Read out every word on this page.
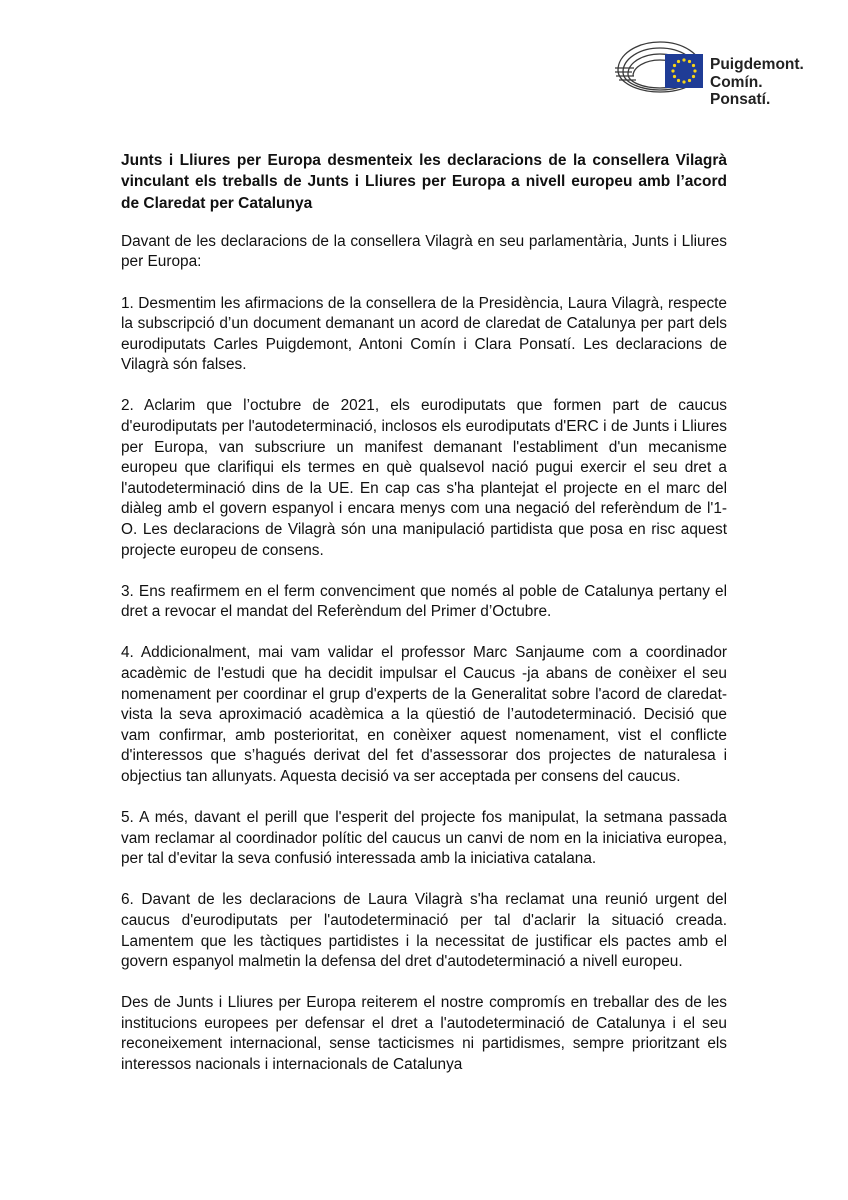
Puigdemont.
Comín.
Ponsatí.
Junts i Lliures per Europa desmenteix les declaracions de la consellera Vilagrà vinculant els treballs de Junts i Lliures per Europa a nivell europeu amb l’acord de Claredat per Catalunya

Davant de les declaracions de la consellera Vilagrà en seu parlamentària, Junts i Lliures per Europa:

1. Desmentim les afirmacions de la consellera de la Presidència, Laura Vilagrà, respecte la subscripció d’un document demanant un acord de claredat de Catalunya per part dels eurodiputats Carles Puigdemont, Antoni Comín i Clara Ponsatí. Les declaracions de Vilagrà són falses.

2. Aclarim que l’octubre de 2021, els eurodiputats que formen part de caucus d'eurodiputats per l'autodeterminació, inclosos els eurodiputats d'ERC i de Junts i Lliures per Europa, van subscriure un manifest demanant l'establiment d'un mecanisme europeu que clarifiqui els termes en què qualsevol nació pugui exercir el seu dret a l'autodeterminació dins de la UE. En cap cas s'ha plantejat el projecte en el marc del diàleg amb el govern espanyol i encara menys com una negació del referèndum de l'1-O. Les declaracions de Vilagrà són una manipulació partidista que posa en risc aquest projecte europeu de consens.

3. Ens reafirmem en el ferm convenciment que només al poble de Catalunya pertany el dret a revocar el mandat del Referèndum del Primer d’Octubre.

4. Addicionalment, mai vam validar el professor Marc Sanjaume com a coordinador acadèmic de l'estudi que ha decidit impulsar el Caucus -ja abans de conèixer el seu nomenament per coordinar el grup d'experts de la Generalitat sobre l'acord de claredat- vista la seva aproximació acadèmica a la qüestió de l’autodeterminació. Decisió que vam confirmar, amb posterioritat, en conèixer aquest nomenament, vist el conflicte d'interessos que s’hagués derivat del fet d'assessorar dos projectes de naturalesa i objectius tan allunyats. Aquesta decisió va ser acceptada per consens del caucus.

5. A més, davant el perill que l'esperit del projecte fos manipulat, la setmana passada vam reclamar al coordinador polític del caucus un canvi de nom en la iniciativa europea, per tal d'evitar la seva confusió interessada amb la iniciativa catalana.

6. Davant de les declaracions de Laura Vilagrà s'ha reclamat una reunió urgent del caucus d'eurodiputats per l'autodeterminació per tal d'aclarir la situació creada. Lamentem que les tàctiques partidistes i la necessitat de justificar els pactes amb el govern espanyol malmetin la defensa del dret d'autodeterminació a nivell europeu.

Des de Junts i Lliures per Europa reiterem el nostre compromís en treballar des de les institucions europees per defensar el dret a l'autodeterminació de Catalunya i el seu reconeixement internacional, sense tacticismes ni partidismes, sempre prioritzant els interessos nacionals i internacionals de Catalunya
